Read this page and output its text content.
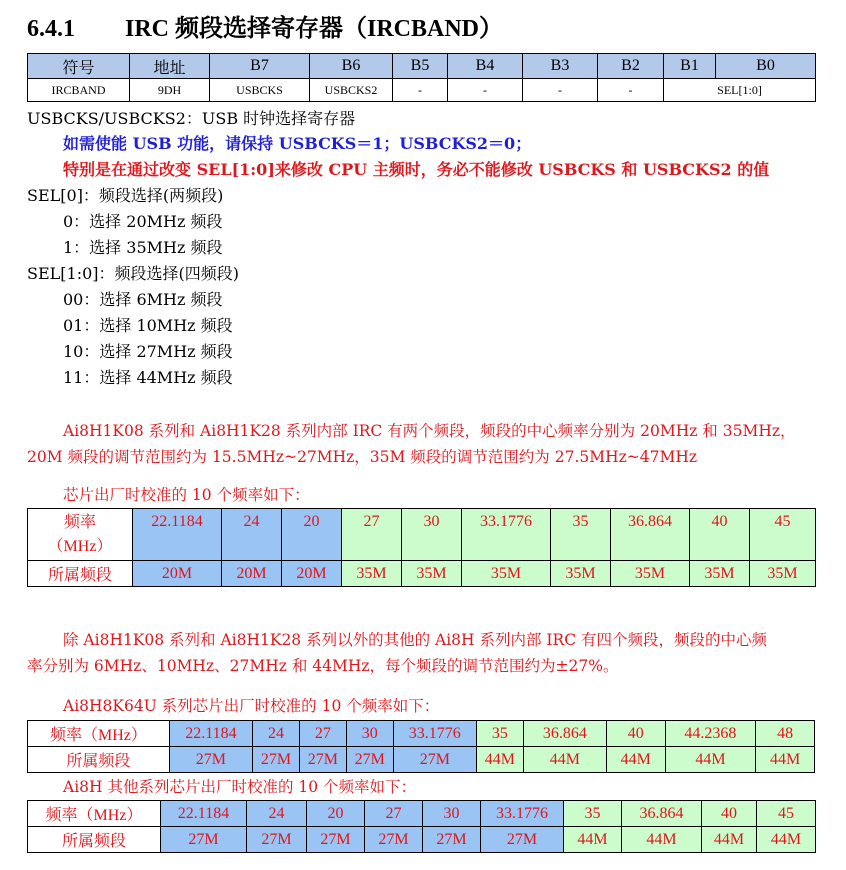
6.4.1 IRC 频段选择寄存器（IRCBAND）
符号	地址	B7	B6	B5	B4	B3	B2	B1	B0
IRCBAND	9DH	USBCKS	USBCKS2	-	-	-	-	SEL[1:0]	
USBCKS/USBCKS2：USB 时钟选择寄存器
如需使能 USB 功能，请保持 USBCKS＝1；USBCKS2＝0；
特别是在通过改变 SEL[1:0]来修改 CPU 主频时，务必不能修改 USBCKS 和 USBCKS2 的值
SEL[0]：频段选择(两频段)
0：选择 20MHz 频段
1：选择 35MHz 频段
SEL[1:0]：频段选择(四频段)
00：选择 6MHz 频段
01：选择 10MHz 频段
10：选择 27MHz 频段
11：选择 44MHz 频段
Ai8H1K08 系列和 Ai8H1K28 系列内部 IRC 有两个频段，频段的中心频率分别为 20MHz 和 35MHz，
20M 频段的调节范围约为 15.5MHz~27MHz，35M 频段的调节范围约为 27.5MHz~47MHz
芯片出厂时校准的 10 个频率如下：
频率
（MHz）	22.1184	24	20	27	30	33.1776	35	36.864	40	45
所属频段	20M	20M	20M	35M	35M	35M	35M	35M	35M	35M
除 Ai8H1K08 系列和 Ai8H1K28 系列以外的其他的 Ai8H 系列内部 IRC 有四个频段，频段的中心频
率分别为 6MHz、10MHz、27MHz 和 44MHz，每个频段的调节范围约为±27%。
Ai8H8K64U 系列芯片出厂时校准的 10 个频率如下：
频率（MHz）	22.1184	24	27	30	33.1776	35	36.864	40	44.2368	48
所属频段	27M	27M	27M	27M	27M	44M	44M	44M	44M	44M
Ai8H 其他系列芯片出厂时校准的 10 个频率如下：
频率（MHz）	22.1184	24	20	27	30	33.1776	35	36.864	40	45
所属频段	27M	27M	27M	27M	27M	27M	44M	44M	44M	44M
